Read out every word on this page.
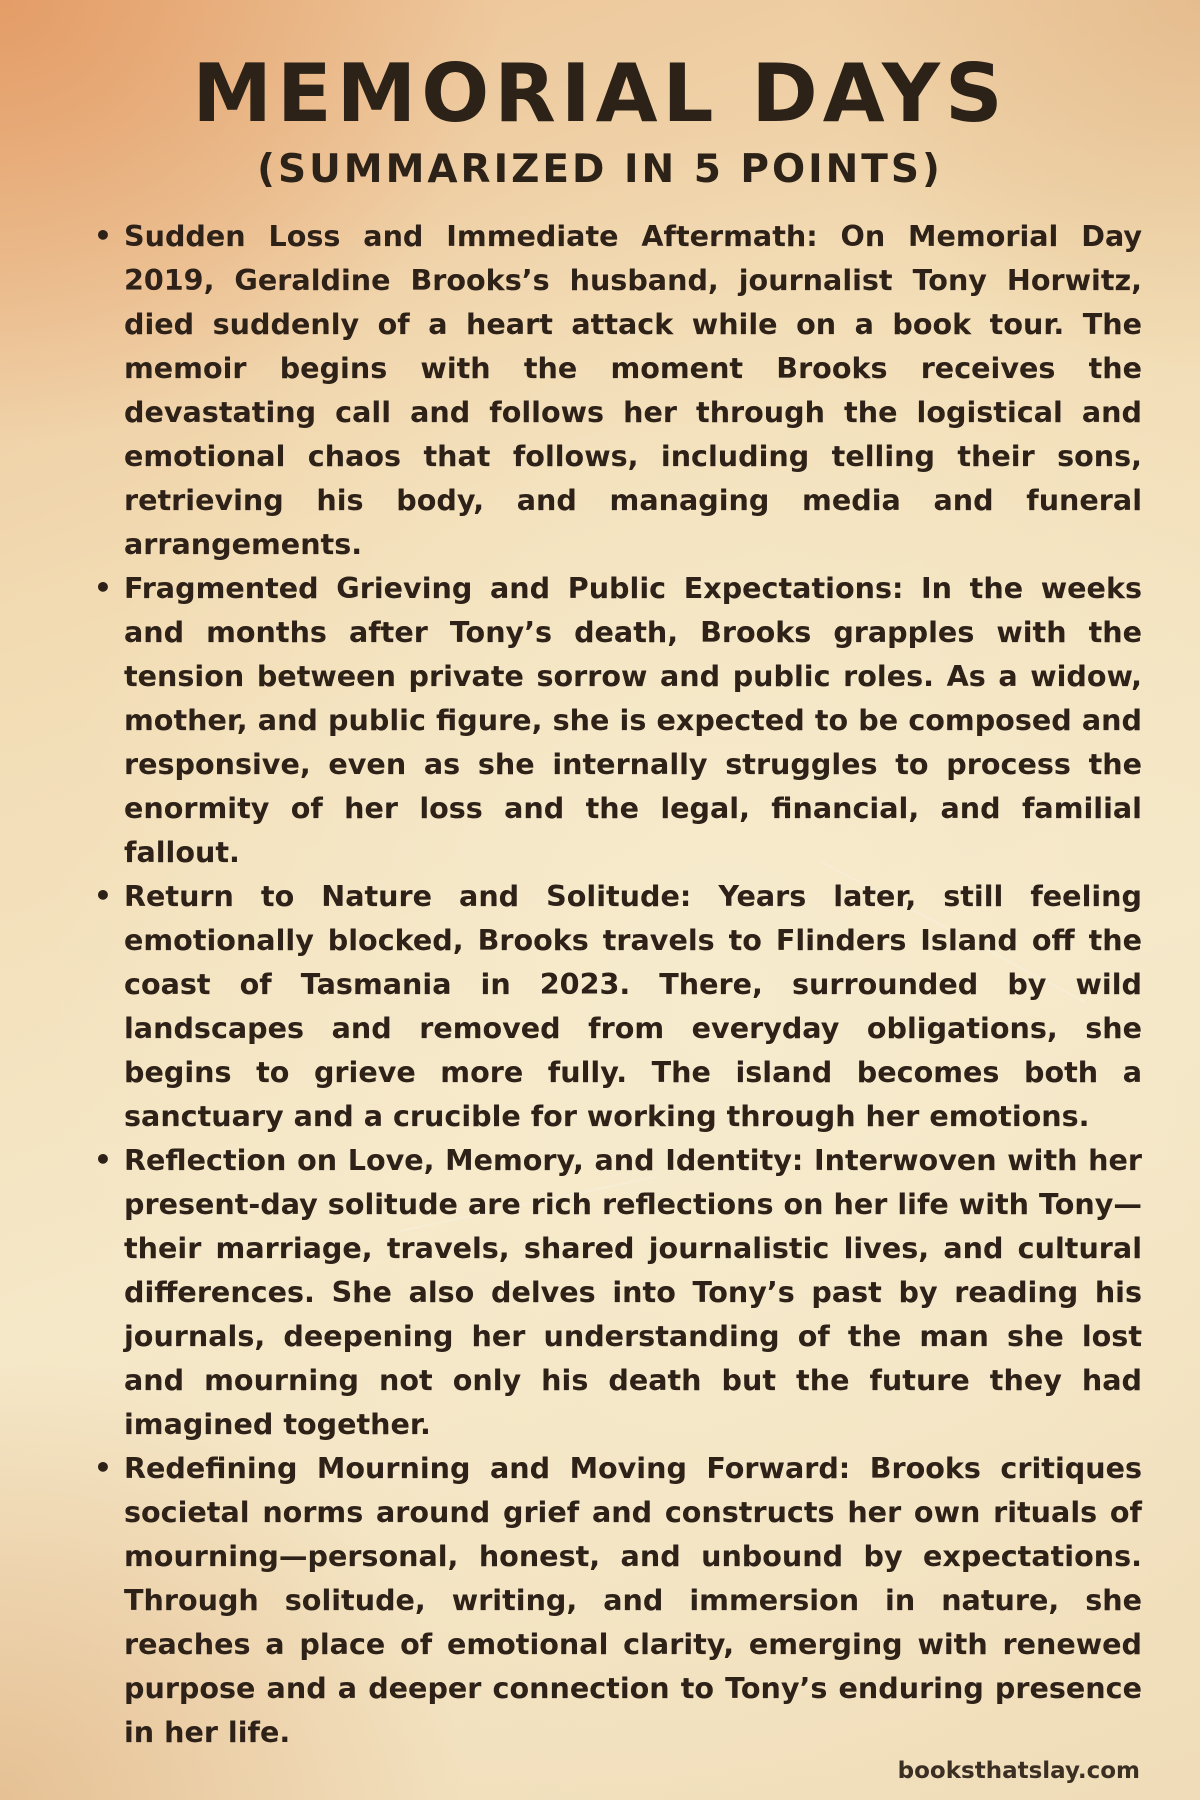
MEMORIAL DAYS
(SUMMARIZED IN 5 POINTS)
• Sudden Loss and Immediate Aftermath: On Memorial Day 2019, Geraldine Brooks’s husband, journalist Tony Horwitz, died suddenly of a heart attack while on a book tour. The memoir begins with the moment Brooks receives the devastating call and follows her through the logistical and emotional chaos that follows, including telling their sons, retrieving his body, and managing media and funeral arrangements.
• Fragmented Grieving and Public Expectations: In the weeks and months after Tony’s death, Brooks grapples with the tension between private sorrow and public roles. As a widow, mother, and public figure, she is expected to be composed and responsive, even as she internally struggles to process the enormity of her loss and the legal, financial, and familial fallout.
• Return to Nature and Solitude: Years later, still feeling emotionally blocked, Brooks travels to Flinders Island off the coast of Tasmania in 2023. There, surrounded by wild landscapes and removed from everyday obligations, she begins to grieve more fully. The island becomes both a sanctuary and a crucible for working through her emotions.
• Reflection on Love, Memory, and Identity: Interwoven with her present-day solitude are rich reflections on her life with Tony—their marriage, travels, shared journalistic lives, and cultural differences. She also delves into Tony’s past by reading his journals, deepening her understanding of the man she lost and mourning not only his death but the future they had imagined together.
• Redefining Mourning and Moving Forward: Brooks critiques societal norms around grief and constructs her own rituals of mourning—personal, honest, and unbound by expectations. Through solitude, writing, and immersion in nature, she reaches a place of emotional clarity, emerging with renewed purpose and a deeper connection to Tony’s enduring presence in her life.
booksthatslay.com
